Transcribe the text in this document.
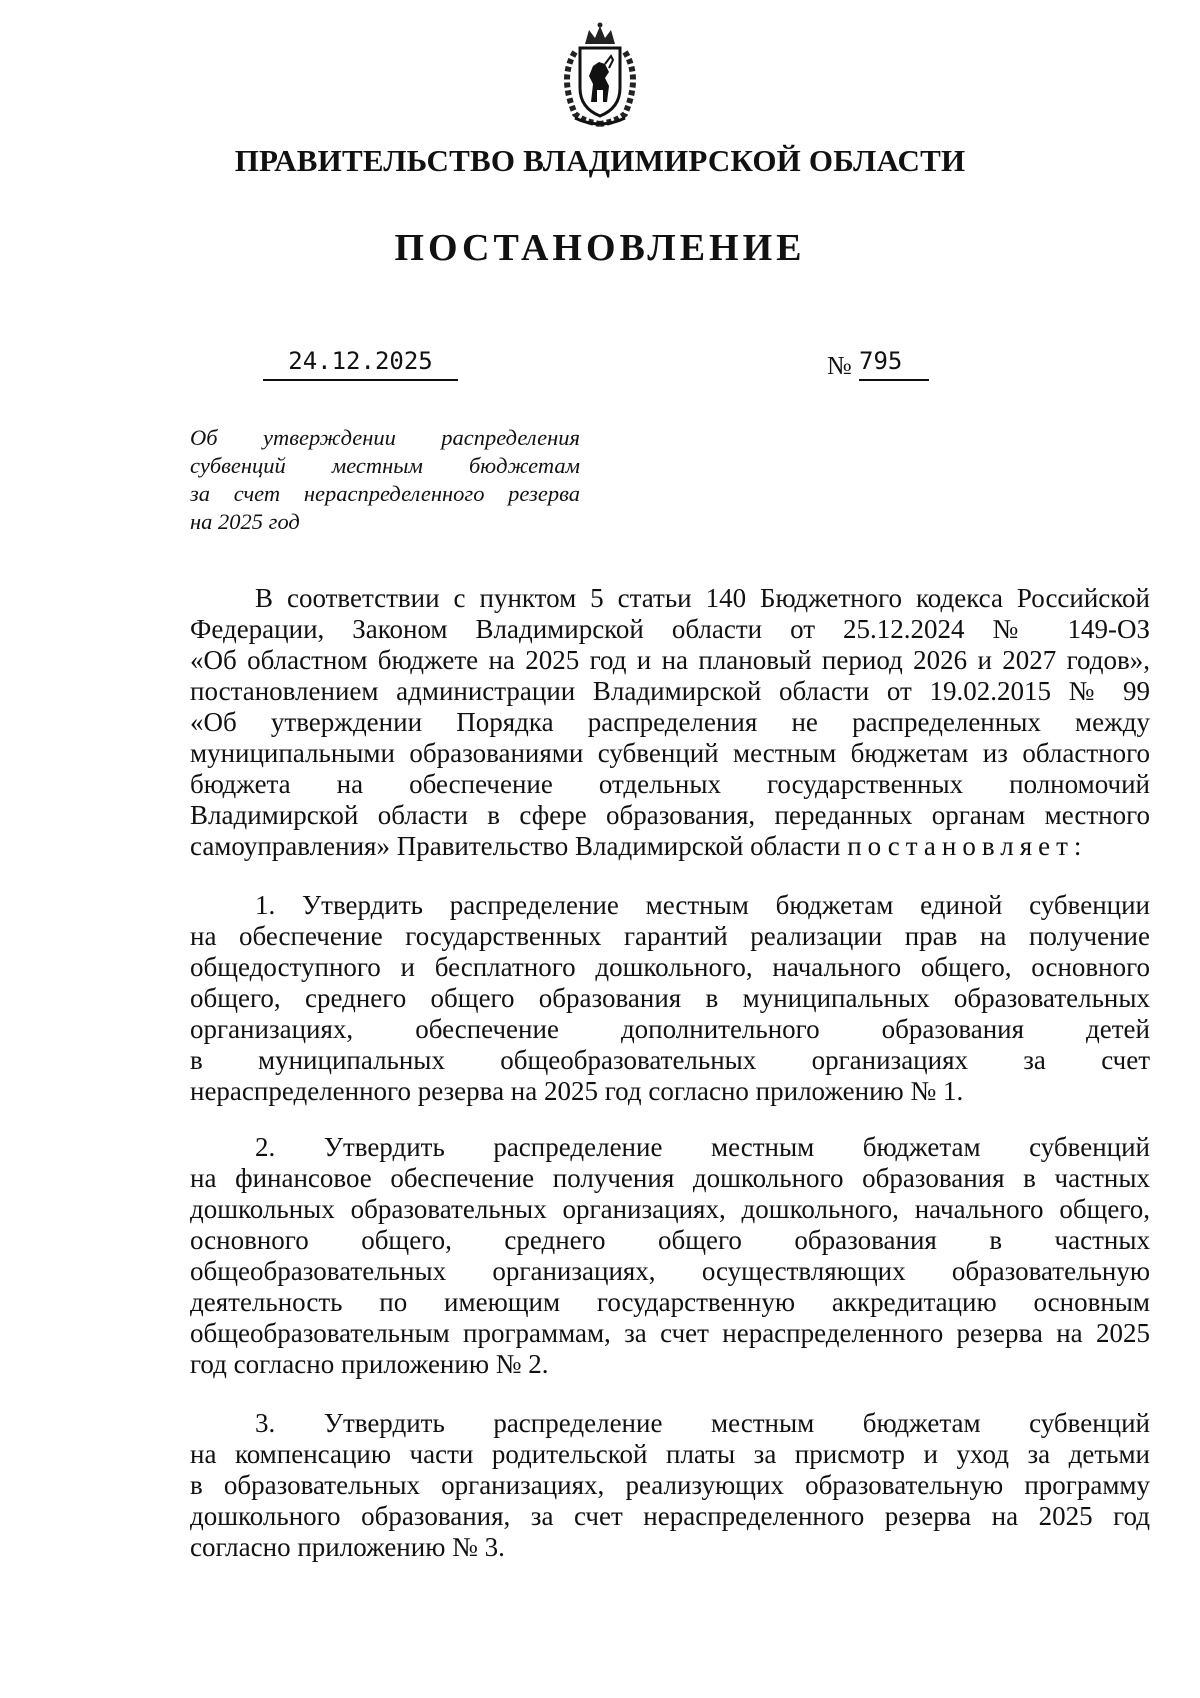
ПРАВИТЕЛЬСТВО ВЛАДИМИРСКОЙ ОБЛАСТИ
ПОСТАНОВЛЕНИЕ
24.12.2025	№ 795
Об утверждении распределения
субвенций местным бюджетам
за счет нераспределенного резерва
на 2025 год
В соответствии с пунктом 5 статьи 140 Бюджетного кодекса Российской
Федерации, Законом Владимирской области от 25.12.2024 № 149-ОЗ
«Об областном бюджете на 2025 год и на плановый период 2026 и 2027 годов»,
постановлением администрации Владимирской области от 19.02.2015 № 99
«Об утверждении Порядка распределения не распределенных между
муниципальными образованиями субвенций местным бюджетам из областного
бюджета на обеспечение отдельных государственных полномочий
Владимирской области в сфере образования, переданных органам местного
самоуправления» Правительство Владимирской области постановляет:
1. Утвердить распределение местным бюджетам единой субвенции
на обеспечение государственных гарантий реализации прав на получение
общедоступного и бесплатного дошкольного, начального общего, основного
общего, среднего общего образования в муниципальных образовательных
организациях, обеспечение дополнительного образования детей
в муниципальных общеобразовательных организациях за счет
нераспределенного резерва на 2025 год согласно приложению № 1.
2. Утвердить распределение местным бюджетам субвенций
на финансовое обеспечение получения дошкольного образования в частных
дошкольных образовательных организациях, дошкольного, начального общего,
основного общего, среднего общего образования в частных
общеобразовательных организациях, осуществляющих образовательную
деятельность по имеющим государственную аккредитацию основным
общеобразовательным программам, за счет нераспределенного резерва на 2025
год согласно приложению № 2.
3. Утвердить распределение местным бюджетам субвенций
на компенсацию части родительской платы за присмотр и уход за детьми
в образовательных организациях, реализующих образовательную программу
дошкольного образования, за счет нераспределенного резерва на 2025 год
согласно приложению № 3.
